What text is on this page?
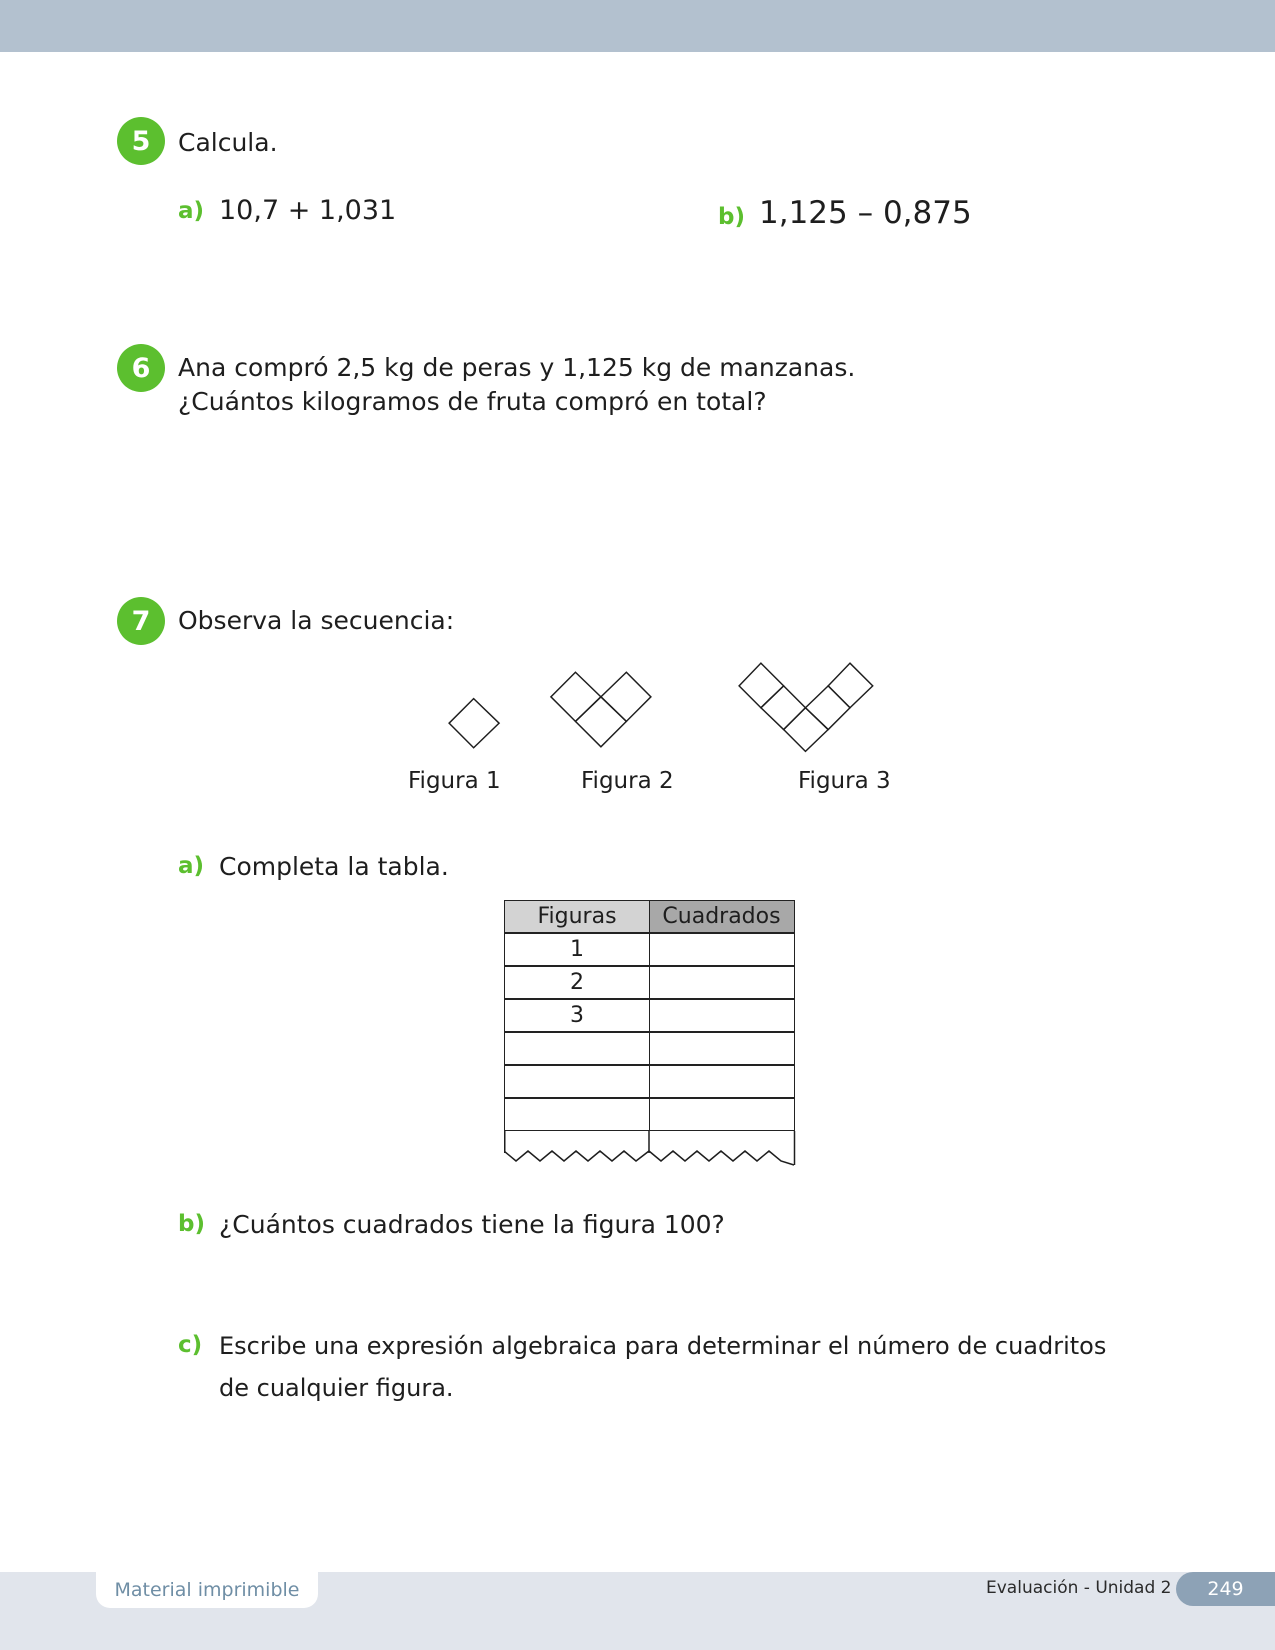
5	Calcula.
a) 10,7 + 1,031	b) 1,125 – 0,875
6	Ana compró 2,5 kg de peras y 1,125 kg de manzanas.
¿Cuántos kilogramos de fruta compró en total?
7	Observa la secuencia:
Figura 1	Figura 2	Figura 3
a) Completa la tabla.
Figuras	Cuadrados
1
2
3
b) ¿Cuántos cuadrados tiene la figura 100?
c) Escribe una expresión algebraica para determinar el número de cuadritos
de cualquier figura.
Material imprimible	Evaluación - Unidad 2	249
